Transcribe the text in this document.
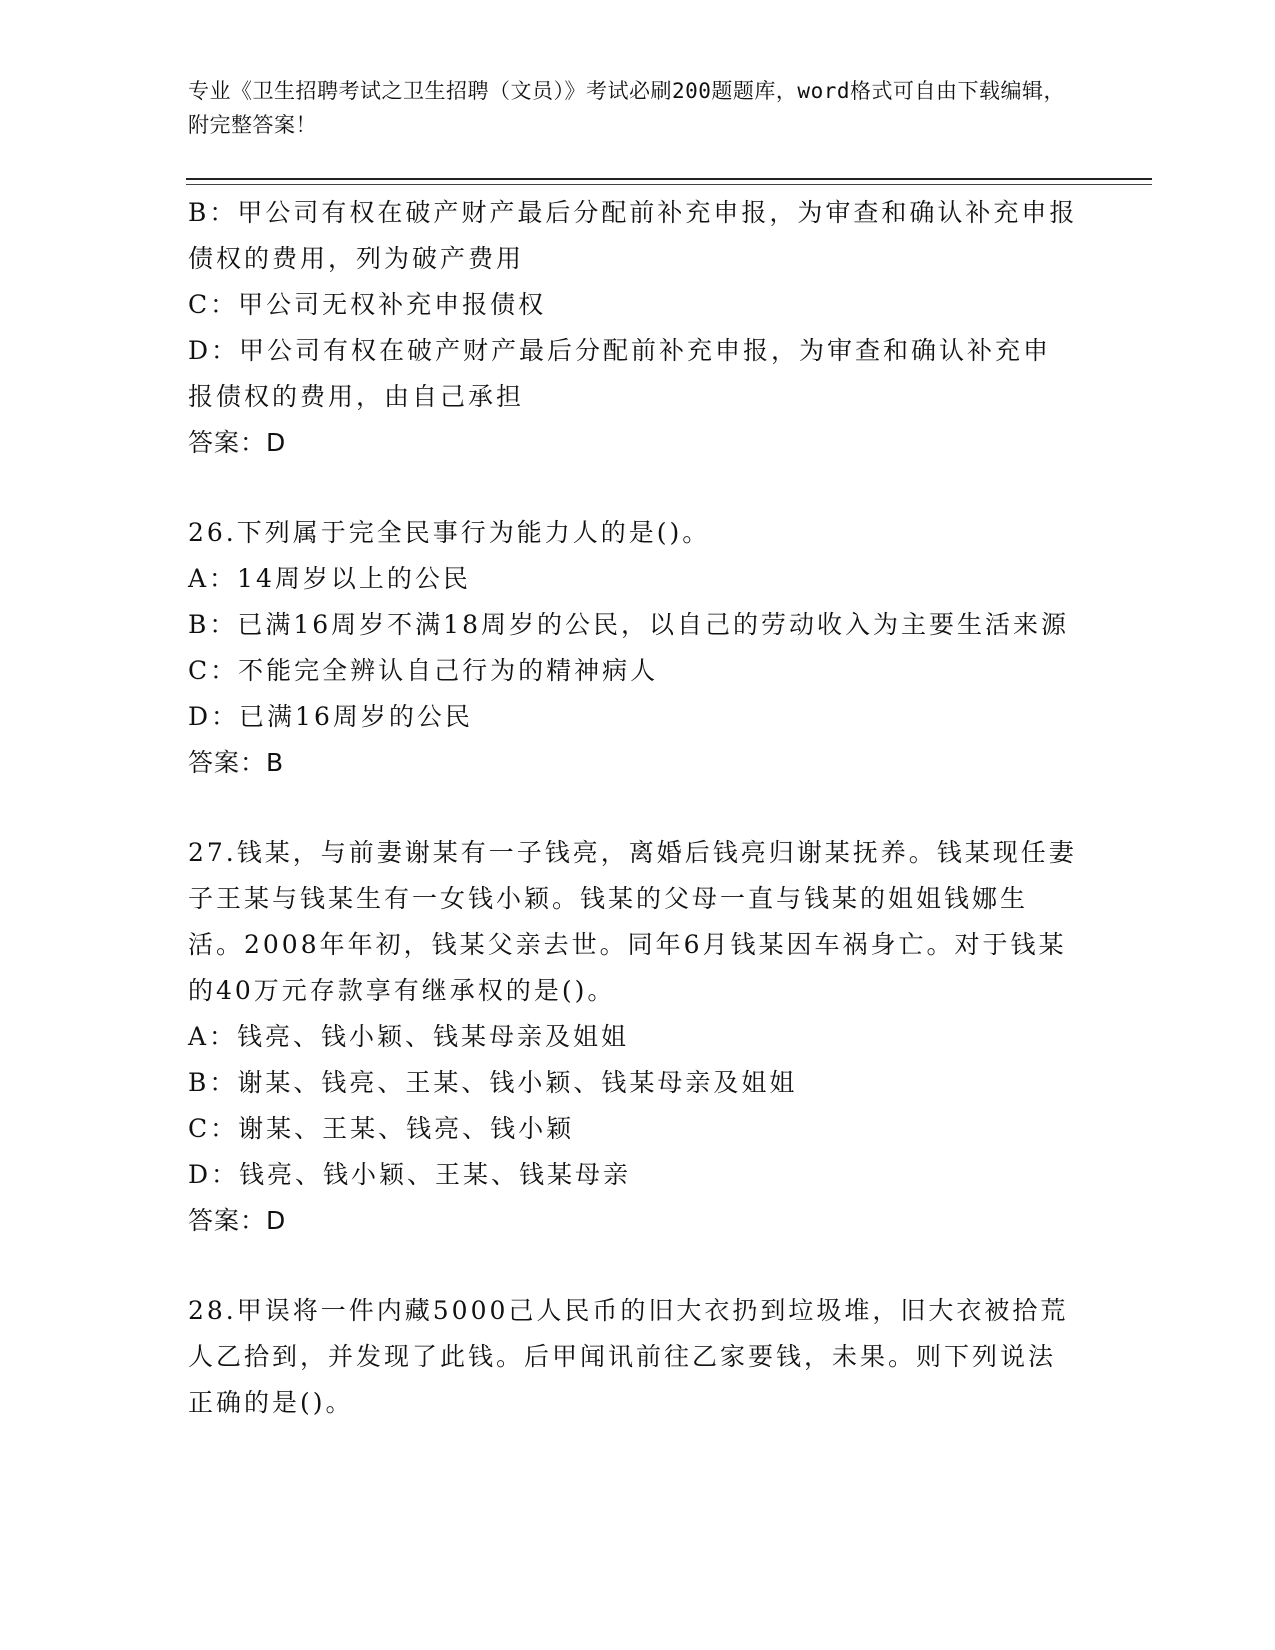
专业《卫生招聘考试之卫生招聘（文员）》考试必刷200题题库，word格式可自由下载编辑，附完整答案！

B：甲公司有权在破产财产最后分配前补充申报，为审查和确认补充申报债权的费用，列为破产费用

C：甲公司无权补充申报债权

D：甲公司有权在破产财产最后分配前补充申报，为审查和确认补充申报债权的费用，由自己承担

答案：D

26.下列属于完全民事行为能力人的是()。

A：14周岁以上的公民

B：已满16周岁不满18周岁的公民，以自己的劳动收入为主要生活来源

C：不能完全辨认自己行为的精神病人

D：已满16周岁的公民

答案：B

27.钱某，与前妻谢某有一子钱亮，离婚后钱亮归谢某抚养。钱某现任妻子王某与钱某生有一女钱小颖。钱某的父母一直与钱某的姐姐钱娜生活。2008年年初，钱某父亲去世。同年6月钱某因车祸身亡。对于钱某的40万元存款享有继承权的是()。

A：钱亮、钱小颖、钱某母亲及姐姐

B：谢某、钱亮、王某、钱小颖、钱某母亲及姐姐

C：谢某、王某、钱亮、钱小颖

D：钱亮、钱小颖、王某、钱某母亲

答案：D

28.甲误将一件内藏5000己人民币的旧大衣扔到垃圾堆，旧大衣被拾荒人乙拾到，并发现了此钱。后甲闻讯前往乙家要钱，未果。则下列说法正确的是()。
